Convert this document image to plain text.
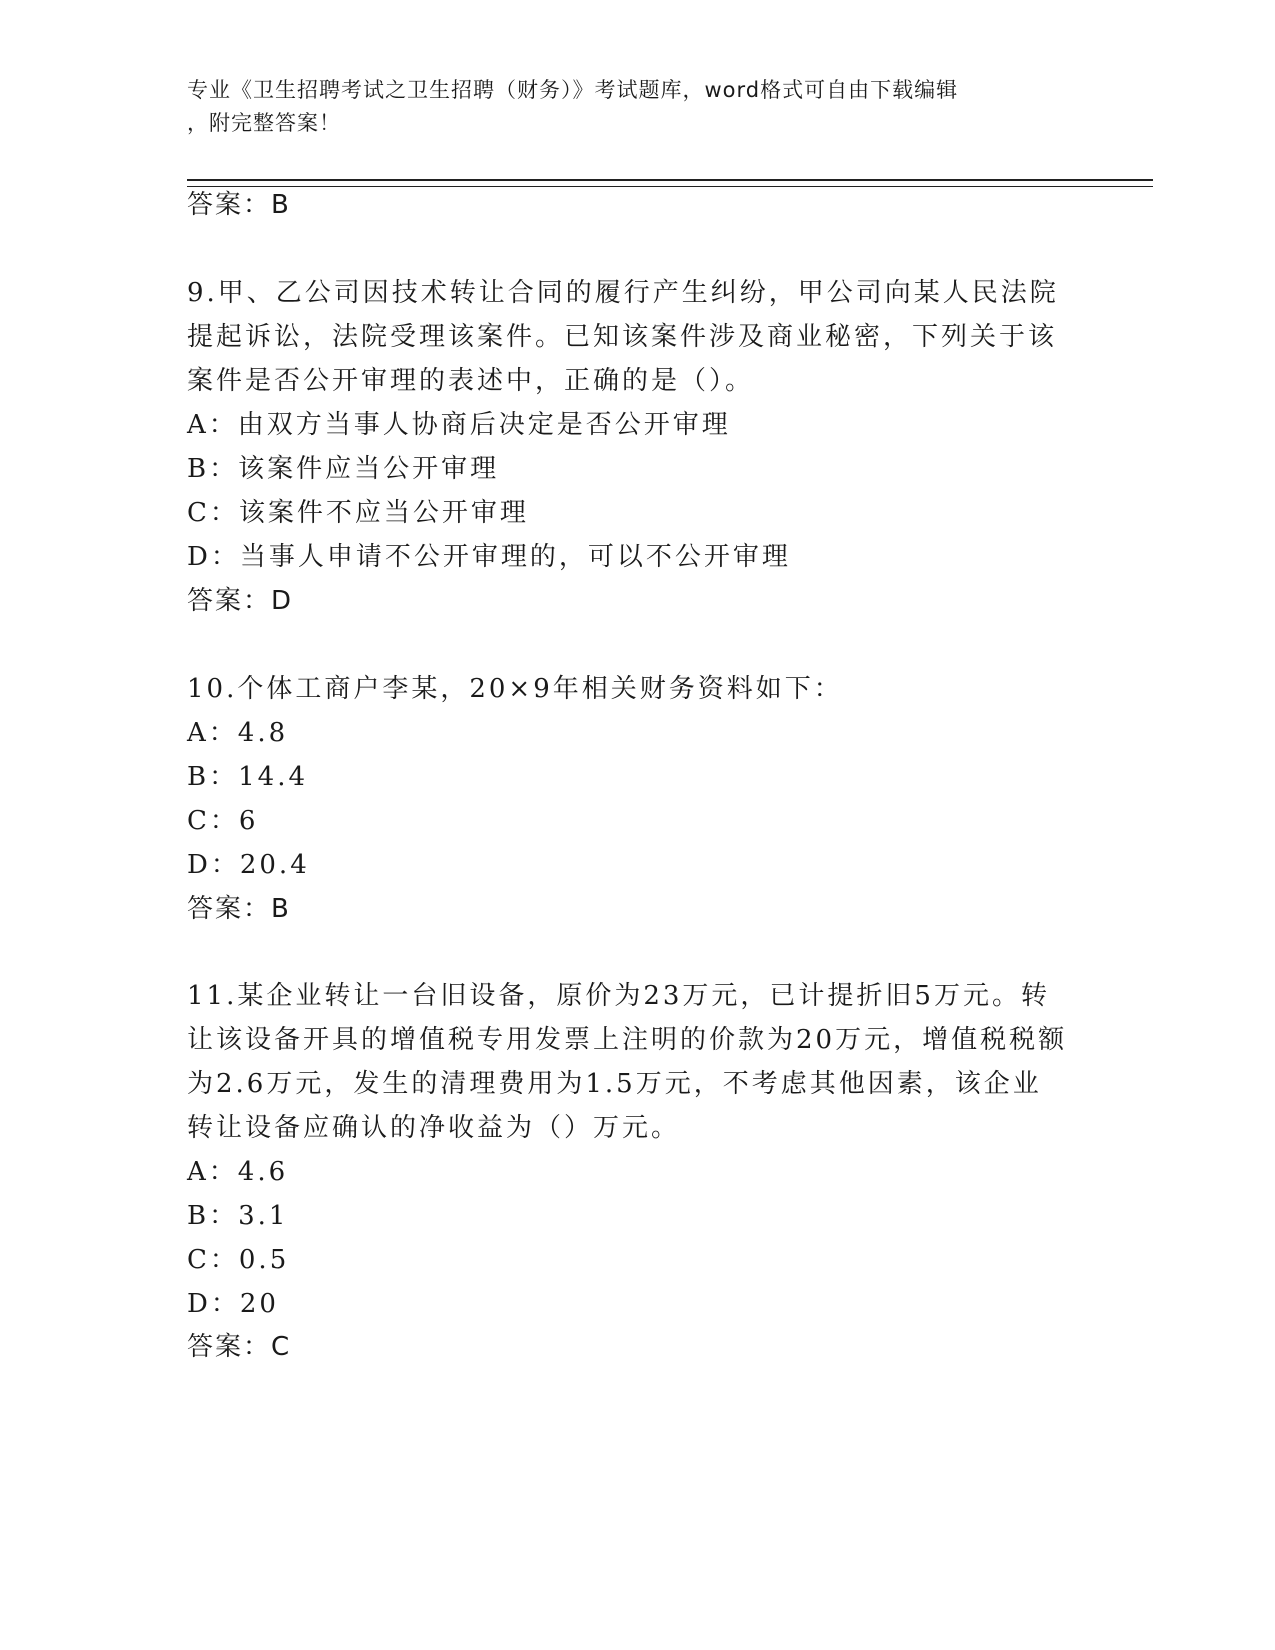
专业《卫生招聘考试之卫生招聘（财务）》考试题库，word格式可自由下载编辑
，附完整答案！
答案：B
9.甲、乙公司因技术转让合同的履行产生纠纷，甲公司向某人民法院
提起诉讼，法院受理该案件。已知该案件涉及商业秘密，下列关于该
案件是否公开审理的表述中，正确的是（）。
A：由双方当事人协商后决定是否公开审理
B：该案件应当公开审理
C：该案件不应当公开审理
D：当事人申请不公开审理的，可以不公开审理
答案：D
10.个体工商户李某，20×9年相关财务资料如下：
A：4.8
B：14.4
C：6
D：20.4
答案：B
11.某企业转让一台旧设备，原价为23万元，已计提折旧5万元。转
让该设备开具的增值税专用发票上注明的价款为20万元，增值税税额
为2.6万元，发生的清理费用为1.5万元，不考虑其他因素，该企业
转让设备应确认的净收益为（）万元。
A：4.6
B：3.1
C：0.5
D：20
答案：C
